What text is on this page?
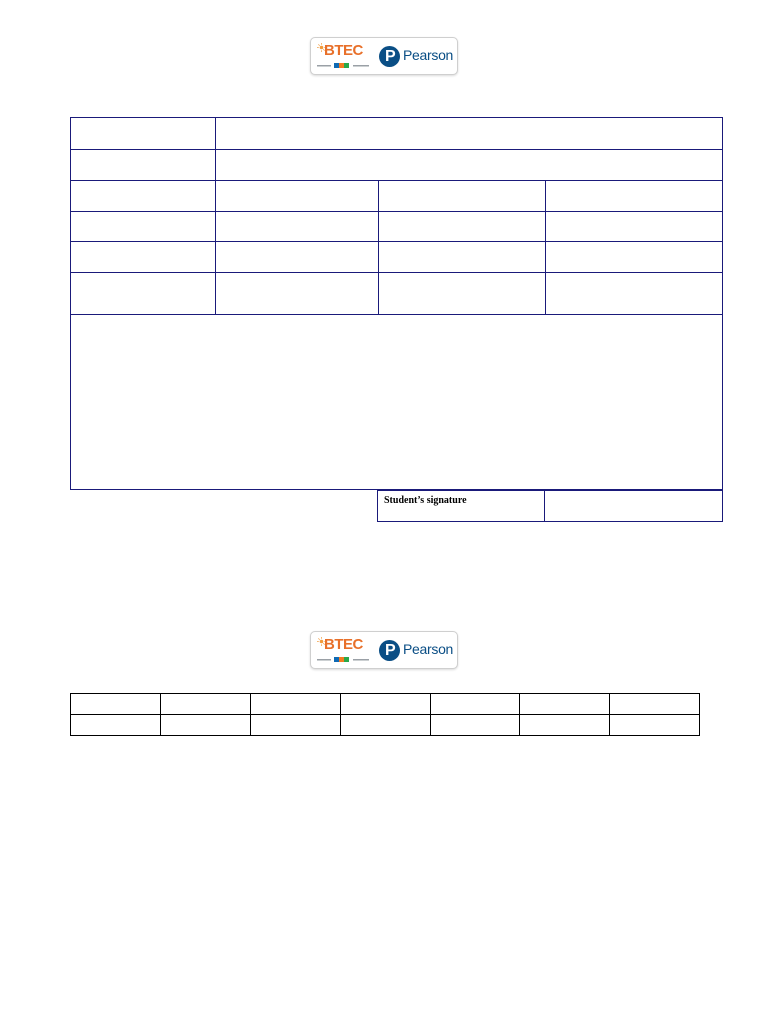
BTEC P Pearson

Student’s signature	
BTEC P Pearson
